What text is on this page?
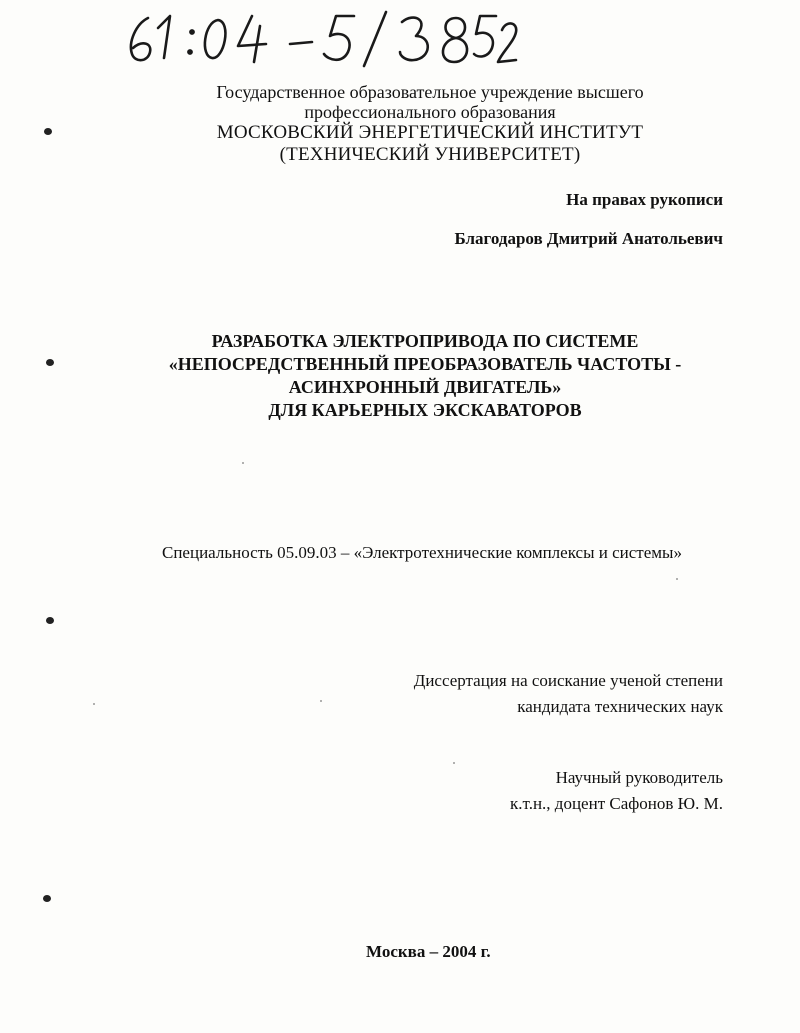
Государственное образовательное учреждение высшего
профессионального образования
МОСКОВСКИЙ ЭНЕРГЕТИЧЕСКИЙ ИНСТИТУТ
(ТЕХНИЧЕСКИЙ УНИВЕРСИТЕТ)
На правах рукописи
Благодаров Дмитрий Анатольевич
РАЗРАБОТКА ЭЛЕКТРОПРИВОДА ПО СИСТЕМЕ
«НЕПОСРЕДСТВЕННЫЙ ПРЕОБРАЗОВАТЕЛЬ ЧАСТОТЫ -
АСИНХРОННЫЙ ДВИГАТЕЛЬ»
ДЛЯ КАРЬЕРНЫХ ЭКСКАВАТОРОВ
Специальность 05.09.03 – «Электротехнические комплексы и системы»
Диссертация на соискание ученой степени
кандидата технических наук
Научный руководитель
к.т.н., доцент Сафонов Ю. М.
Москва – 2004 г.
